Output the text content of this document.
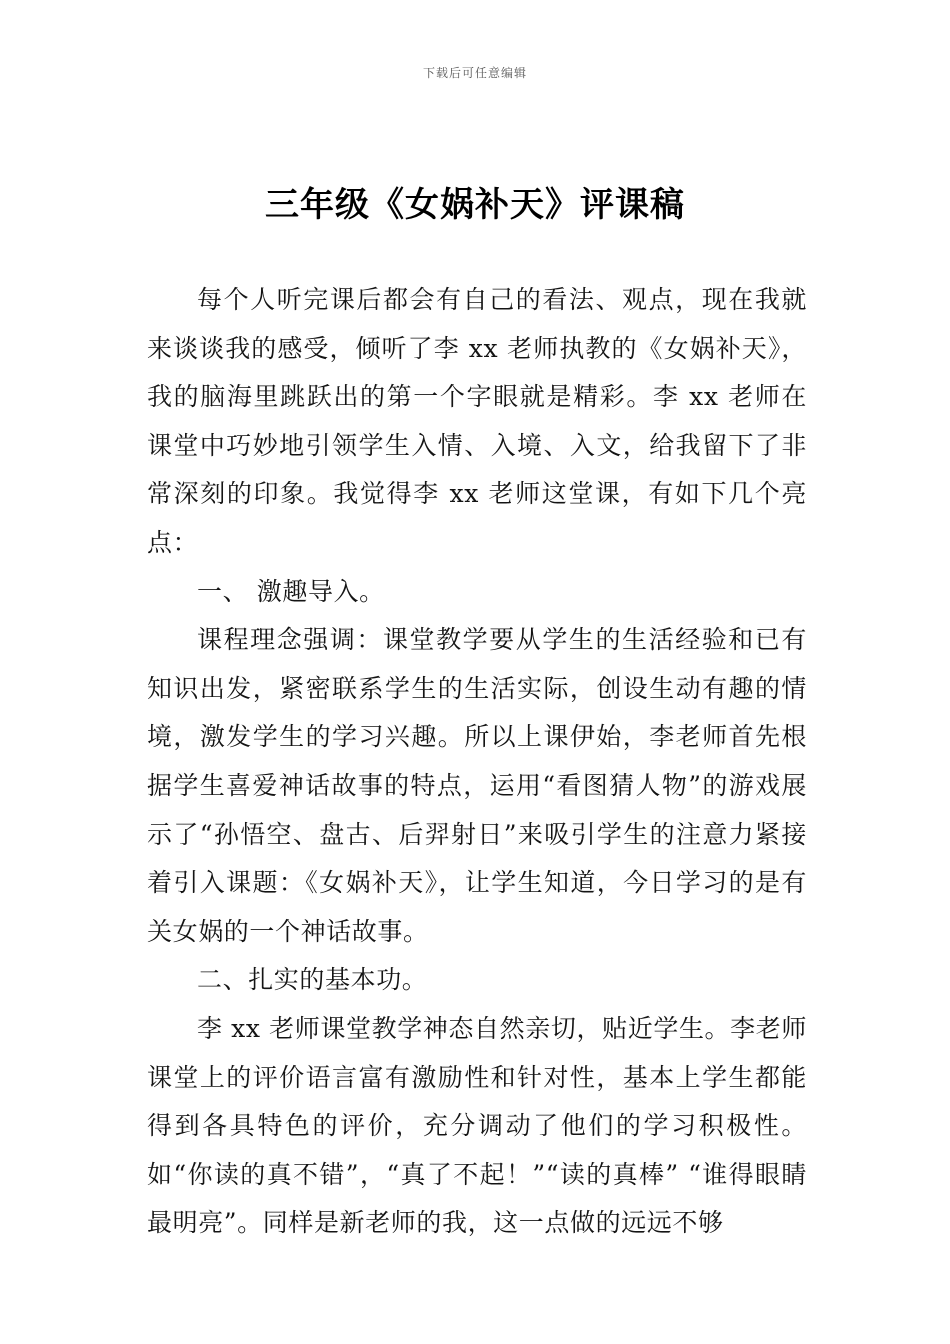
下载后可任意编辑
三年级《女娲补天》评课稿

每个人听完课后都会有自己的看法、观点，现在我就来谈谈我的感受，倾听了李 xx 老师执教的《女娲补天》，我的脑海里跳跃出的第一个字眼就是精彩。李 xx 老师在课堂中巧妙地引领学生入情、入境、入文，给我留下了非常深刻的印象。我觉得李 xx 老师这堂课，有如下几个亮点：

一、 激趣导入。

课程理念强调：课堂教学要从学生的生活经验和已有知识出发，紧密联系学生的生活实际，创设生动有趣的情境，激发学生的学习兴趣。所以上课伊始，李老师首先根据学生喜爱神话故事的特点，运用“看图猜人物”的游戏展示了“孙悟空、盘古、后羿射日”来吸引学生的注意力紧接着引入课题：《女娲补天》，让学生知道，今日学习的是有关女娲的一个神话故事。

二、扎实的基本功。

李 xx 老师课堂教学神态自然亲切，贴近学生。李老师课堂上的评价语言富有激励性和针对性，基本上学生都能得到各具特色的评价，充分调动了他们的学习积极性。如“你读的真不错”，“真了不起！”“读的真棒” “谁得眼睛最明亮”。同样是新老师的我，这一点做的远远不够
